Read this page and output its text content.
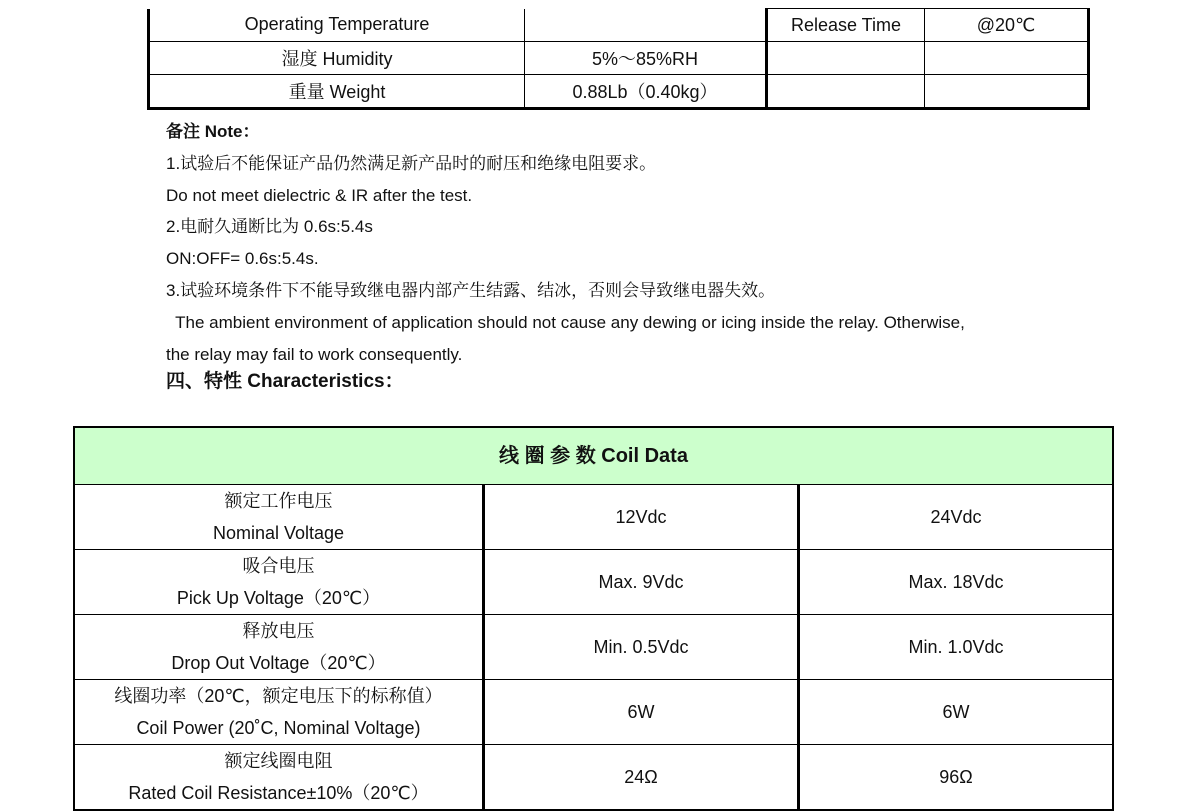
Operating Temperature		Release Time	@20℃
湿度 Humidity	5%～85%RH		
重量 Weight	0.88Lb（0.40kg）		
备注 Note：
1.试验后不能保证产品仍然满足新产品时的耐压和绝缘电阻要求。
Do not meet dielectric & IR after the test.
2.电耐久通断比为 0.6s:5.4s
ON:OFF= 0.6s:5.4s.
3.试验环境条件下不能导致继电器内部产生结露、结冰，否则会导致继电器失效。
The ambient environment of application should not cause any dewing or icing inside the relay. Otherwise,
the relay may fail to work consequently.
四、特性 Characteristics：
线 圈 参 数 Coil Data		

额定工作电压
Nominal Voltage	12Vdc	24Vdc

吸合电压
Pick Up Voltage（20℃）	Max. 9Vdc	Max. 18Vdc

释放电压
Drop Out Voltage（20℃）	Min. 0.5Vdc	Min. 1.0Vdc

线圈功率（20℃，额定电压下的标称值）
Coil Power (20˚C, Nominal Voltage)	6W	6W

额定线圈电阻
Rated Coil Resistance±10%（20℃）	24Ω	96Ω
